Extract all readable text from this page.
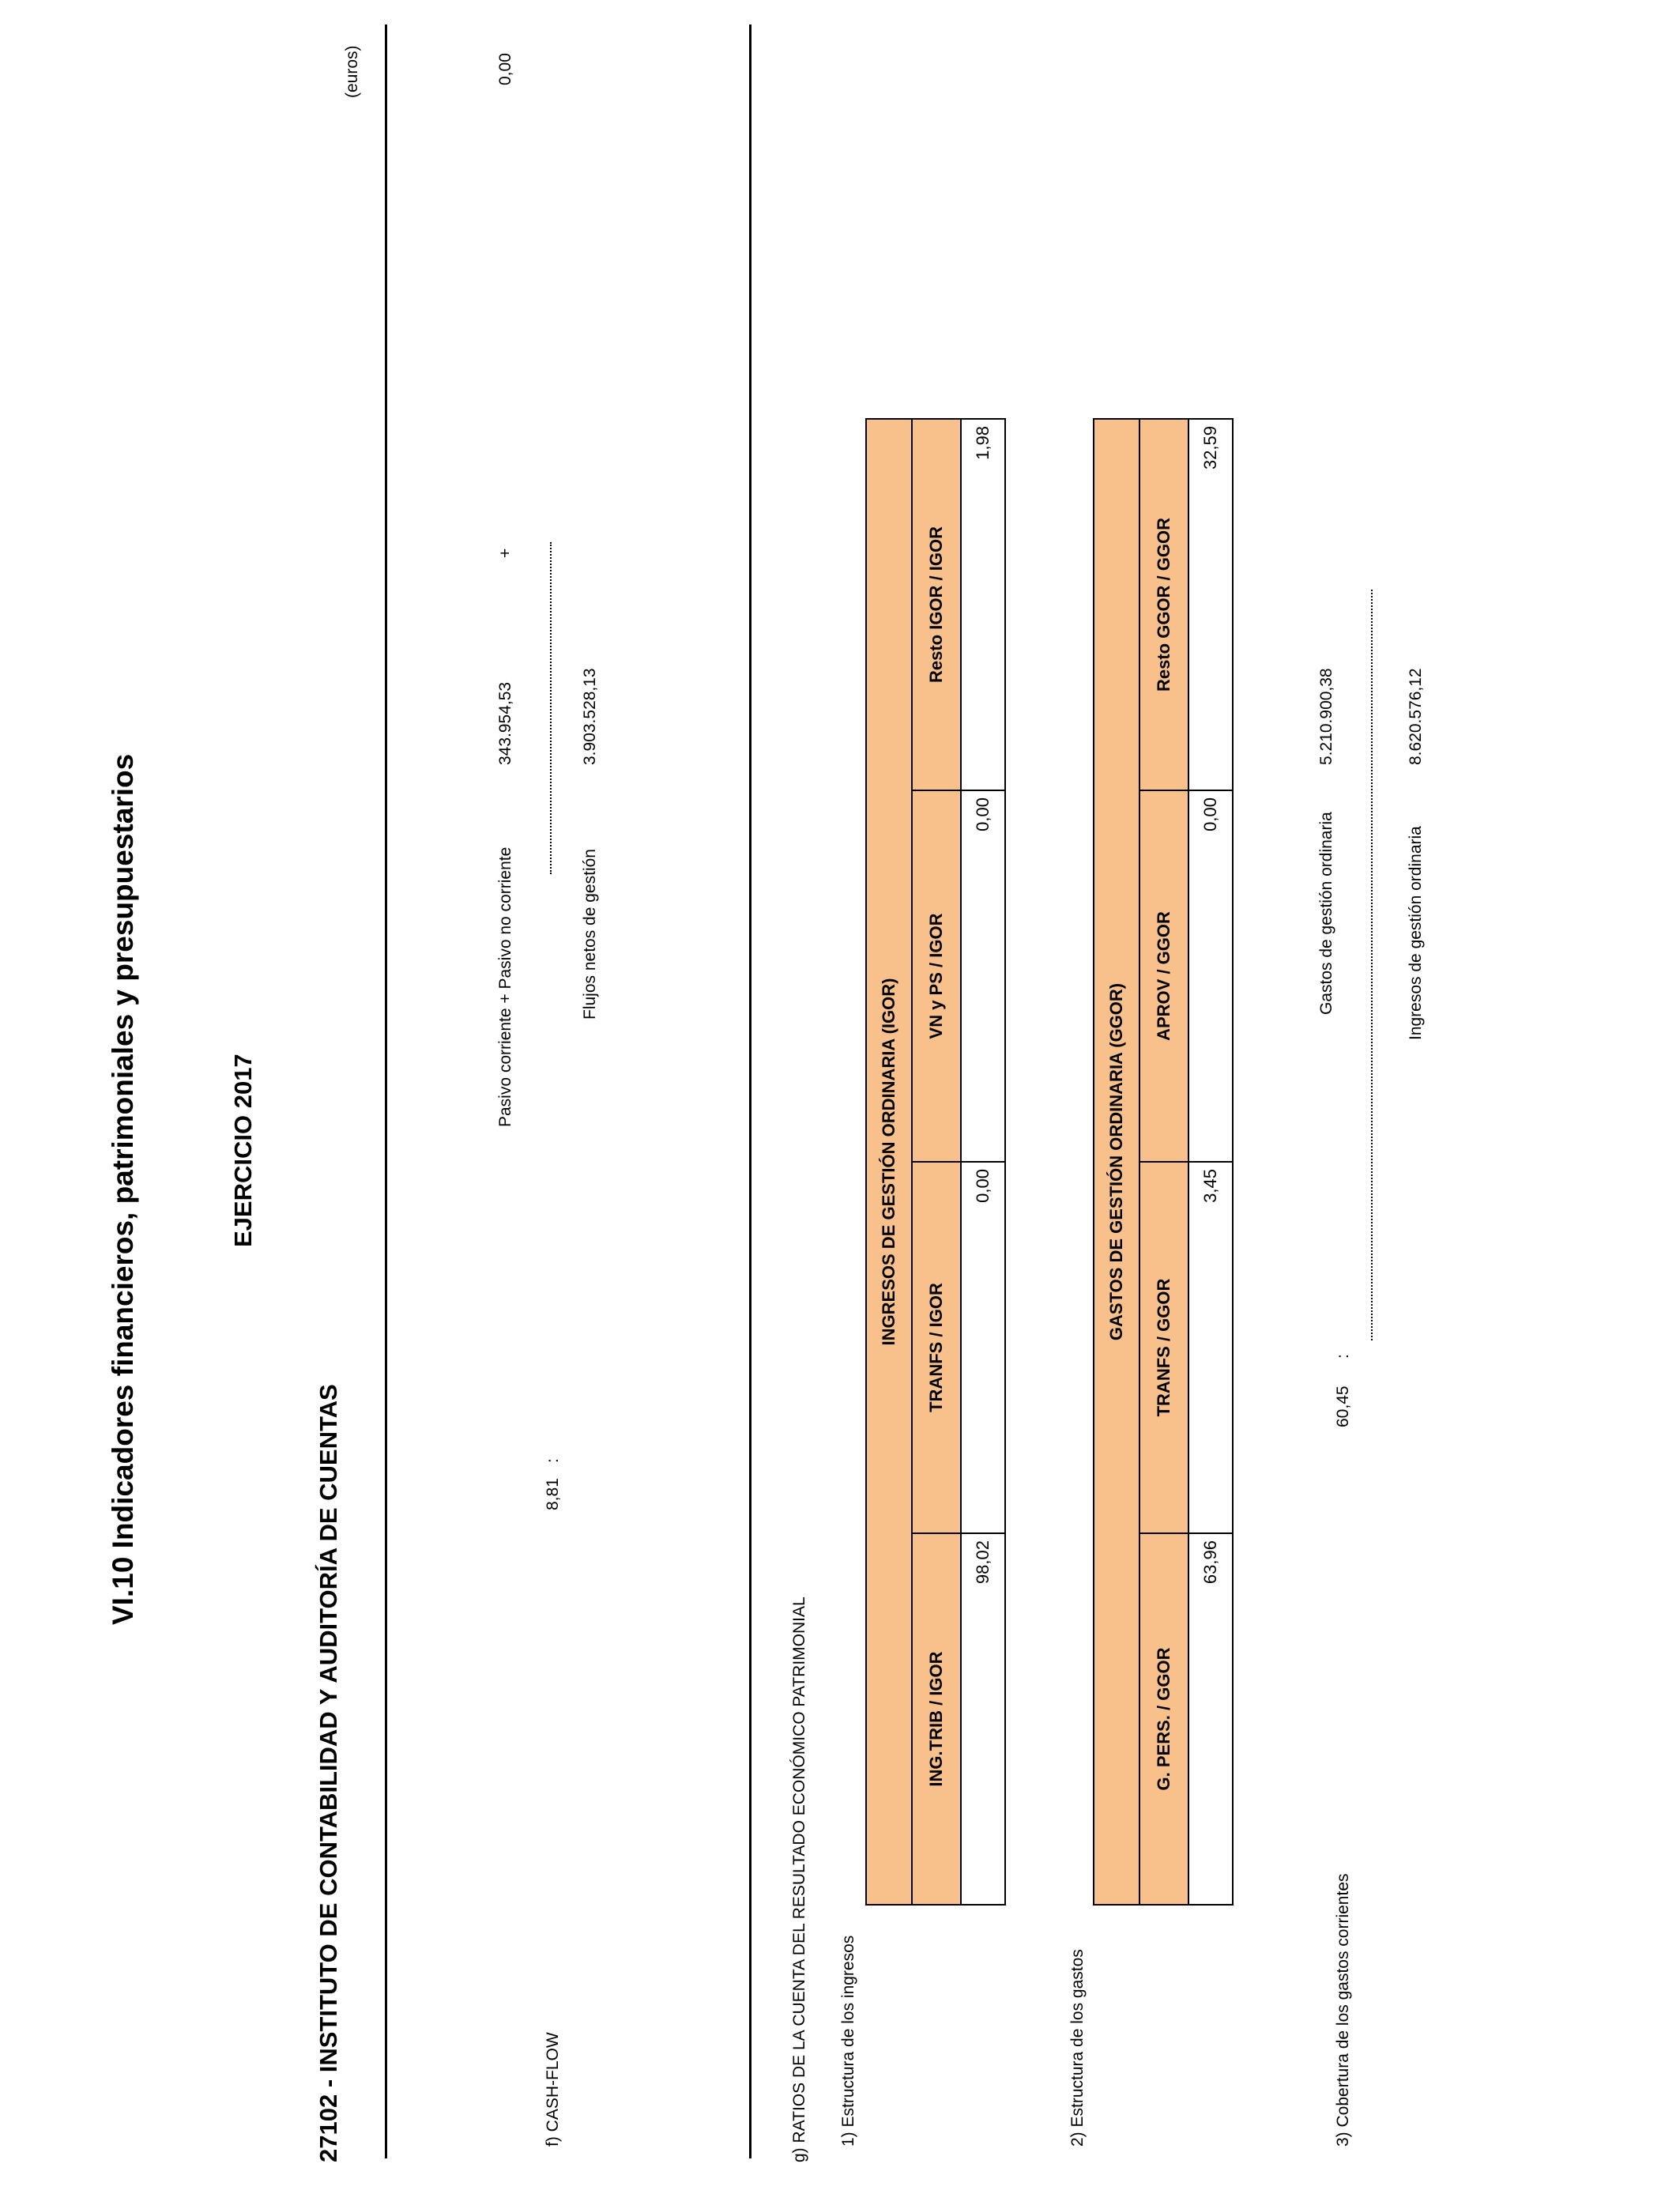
VI.10 Indicadores financieros, patrimoniales y presupuestarios	EJERCICIO 2017
27102 - INSTITUTO DE CONTABILIDAD Y AUDITORÍA DE CUENTAS
(euros)
f) CASH-FLOW
8,81
:
Pasivo corriente + Pasivo no corriente
343.954,53
+
0,00
Flujos netos de gestión
3.903.528,13
g) RATIOS DE LA CUENTA DEL RESULTADO ECONÓMICO PATRIMONIAL 1) Estructura de los ingresos
INGRESOS DE GESTIÓN ORDINARIA (IGOR)			
ING.TRIB / IGOR	TRANFS / IGOR	VN y PS / IGOR	Resto IGOR / IGOR
98,02	0,00	0,00	1,98
2) Estructura de los gastos
GASTOS DE GESTIÓN ORDINARIA (GGOR)			
G. PERS. / GGOR	TRANFS / GGOR	APROV / GGOR	Resto GGOR / GGOR
63,96	3,45	0,00	32,59
3) Cobertura de los gastos corrientes
60,45
:
Gastos de gestión ordinaria
5.210.900,38
Ingresos de gestión ordinaria
8.620.576,12
